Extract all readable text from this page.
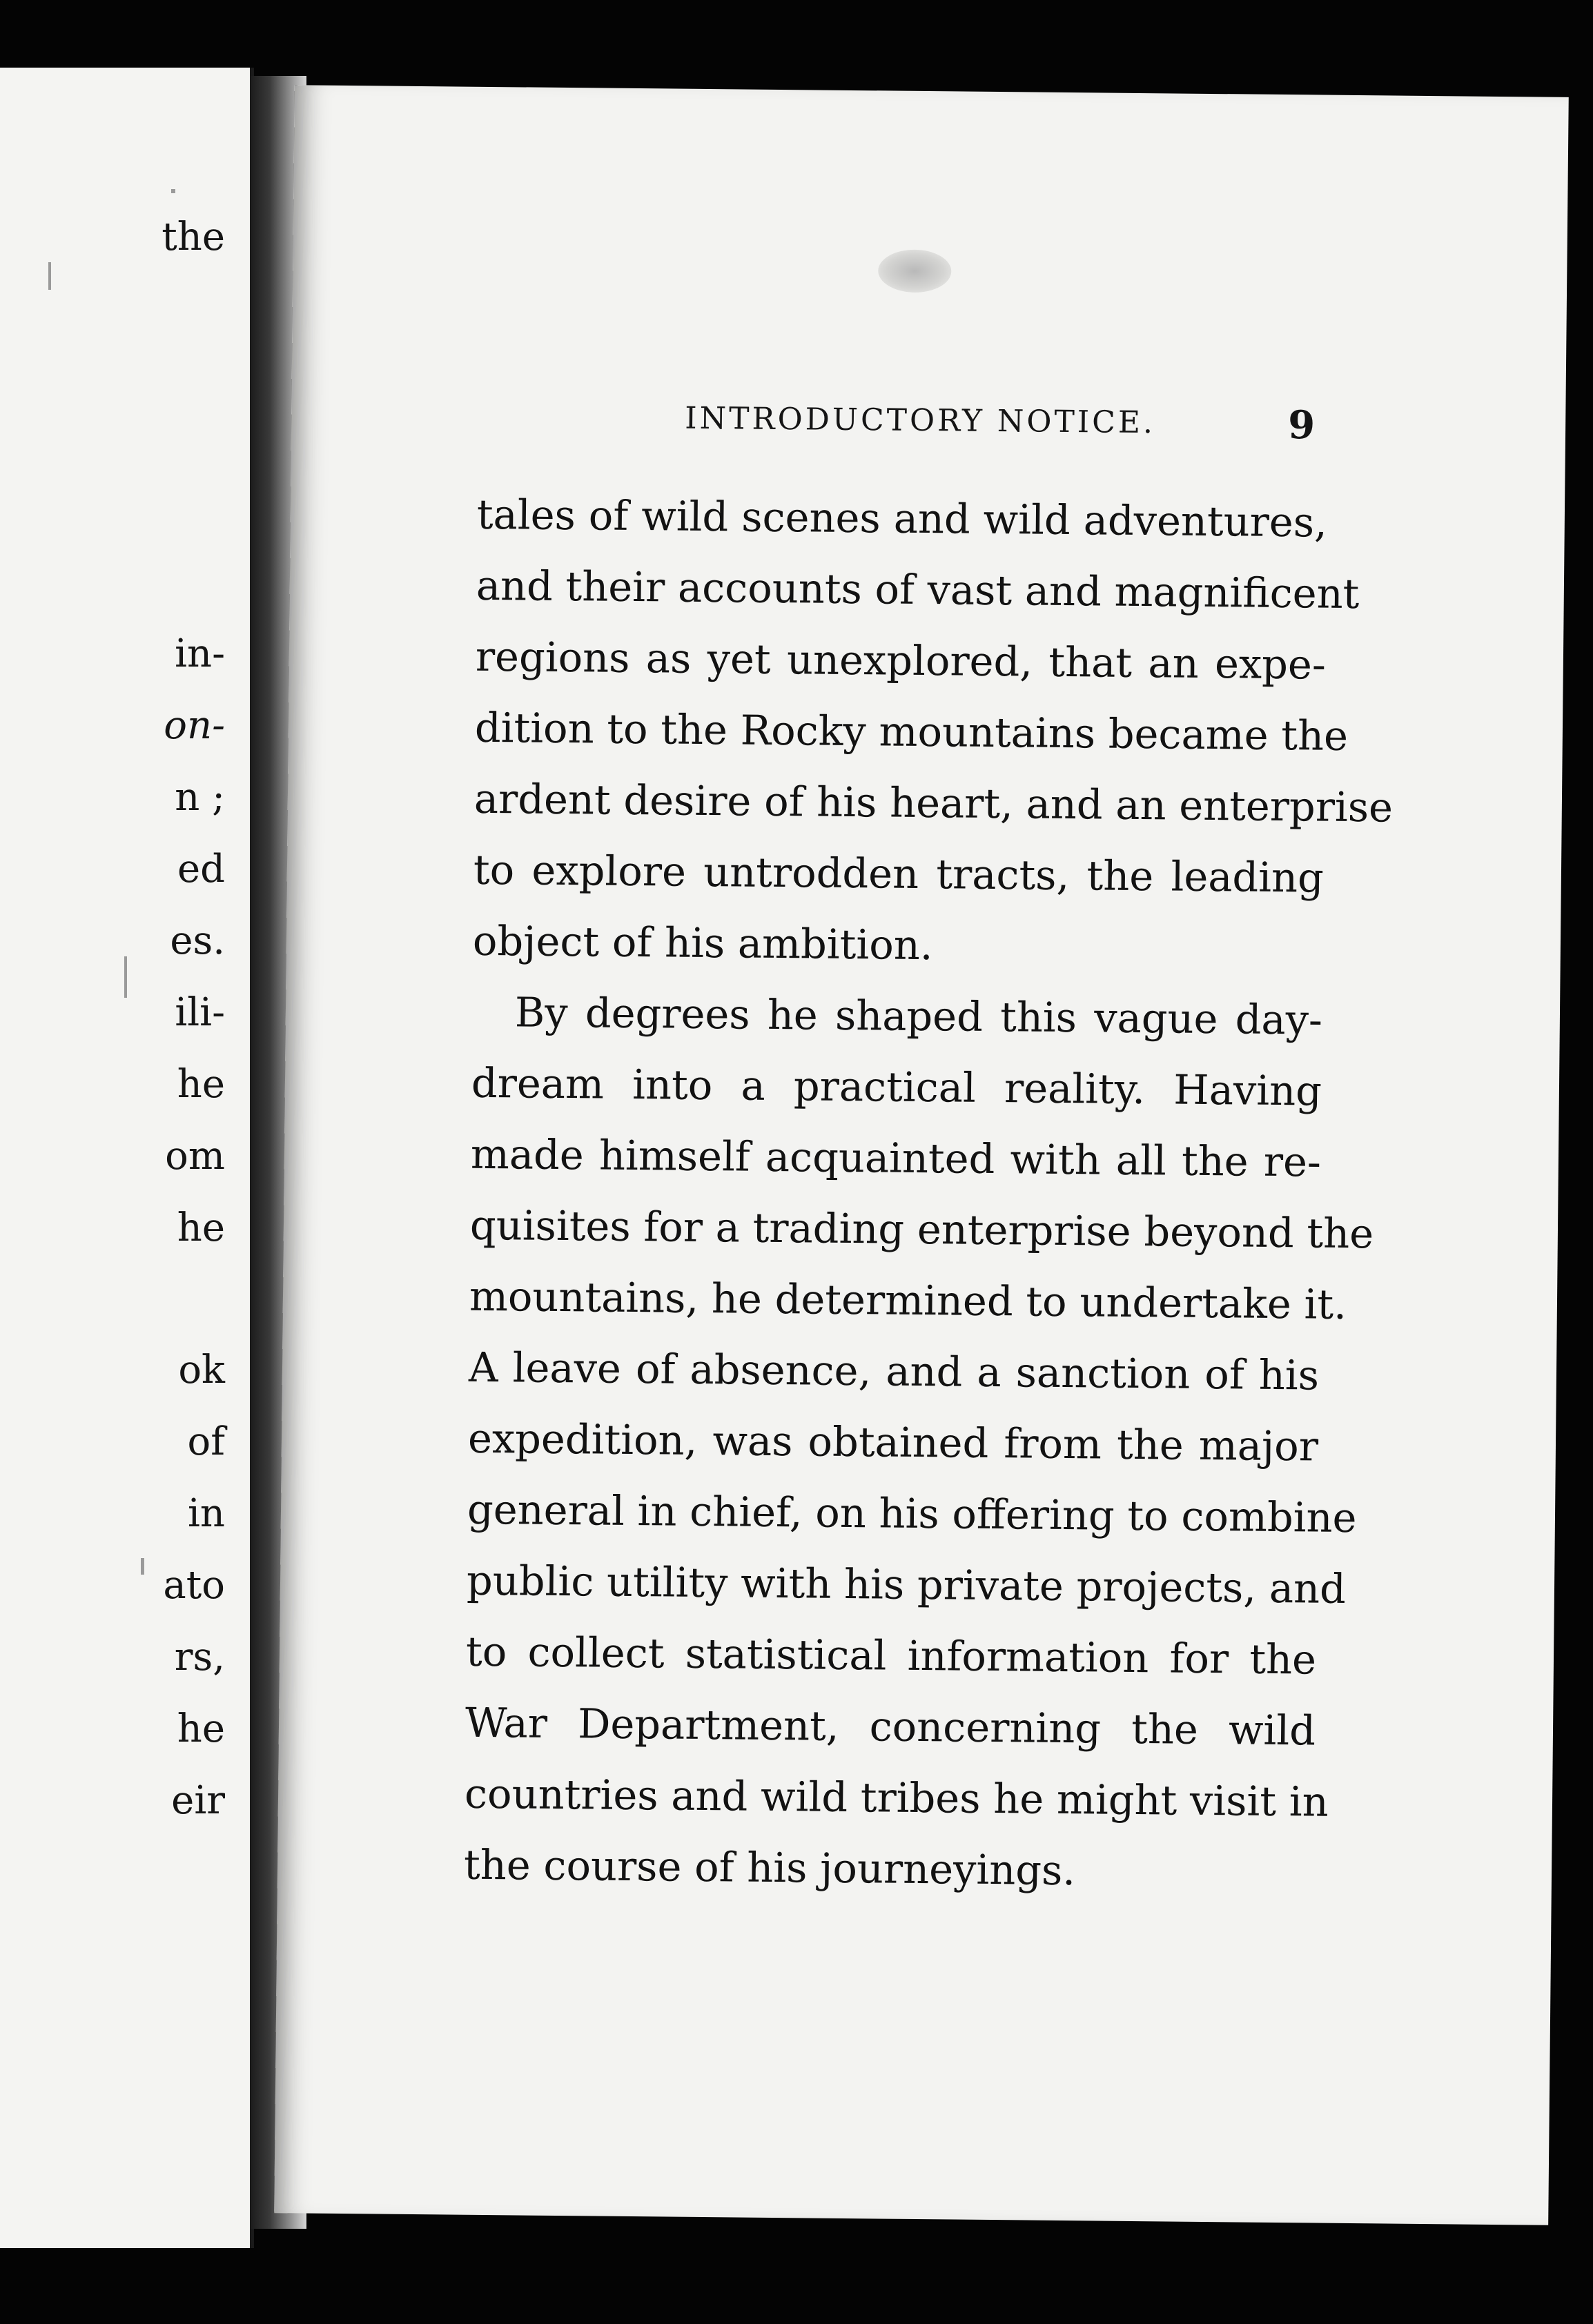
the
in-
on-
n ;
ed
es.
ili-
he
om
he
ok
of
in
ato
rs,
he
eir
INTRODUCTORY NOTICE.	9
tales of wild scenes and wild adventures,
and their accounts of vast and magnificent
regions as yet unexplored, that an expe-
dition to the Rocky mountains became the
ardent desire of his heart, and an enterprise
to explore untrodden tracts, the leading
object of his ambition.
By degrees he shaped this vague day-
dream into a practical reality. Having
made himself acquainted with all the re-
quisites for a trading enterprise beyond the
mountains, he determined to undertake it.
A leave of absence, and a sanction of his
expedition, was obtained from the major
general in chief, on his offering to combine
public utility with his private projects, and
to collect statistical information for the
War Department, concerning the wild
countries and wild tribes he might visit in
the course of his journeyings.
